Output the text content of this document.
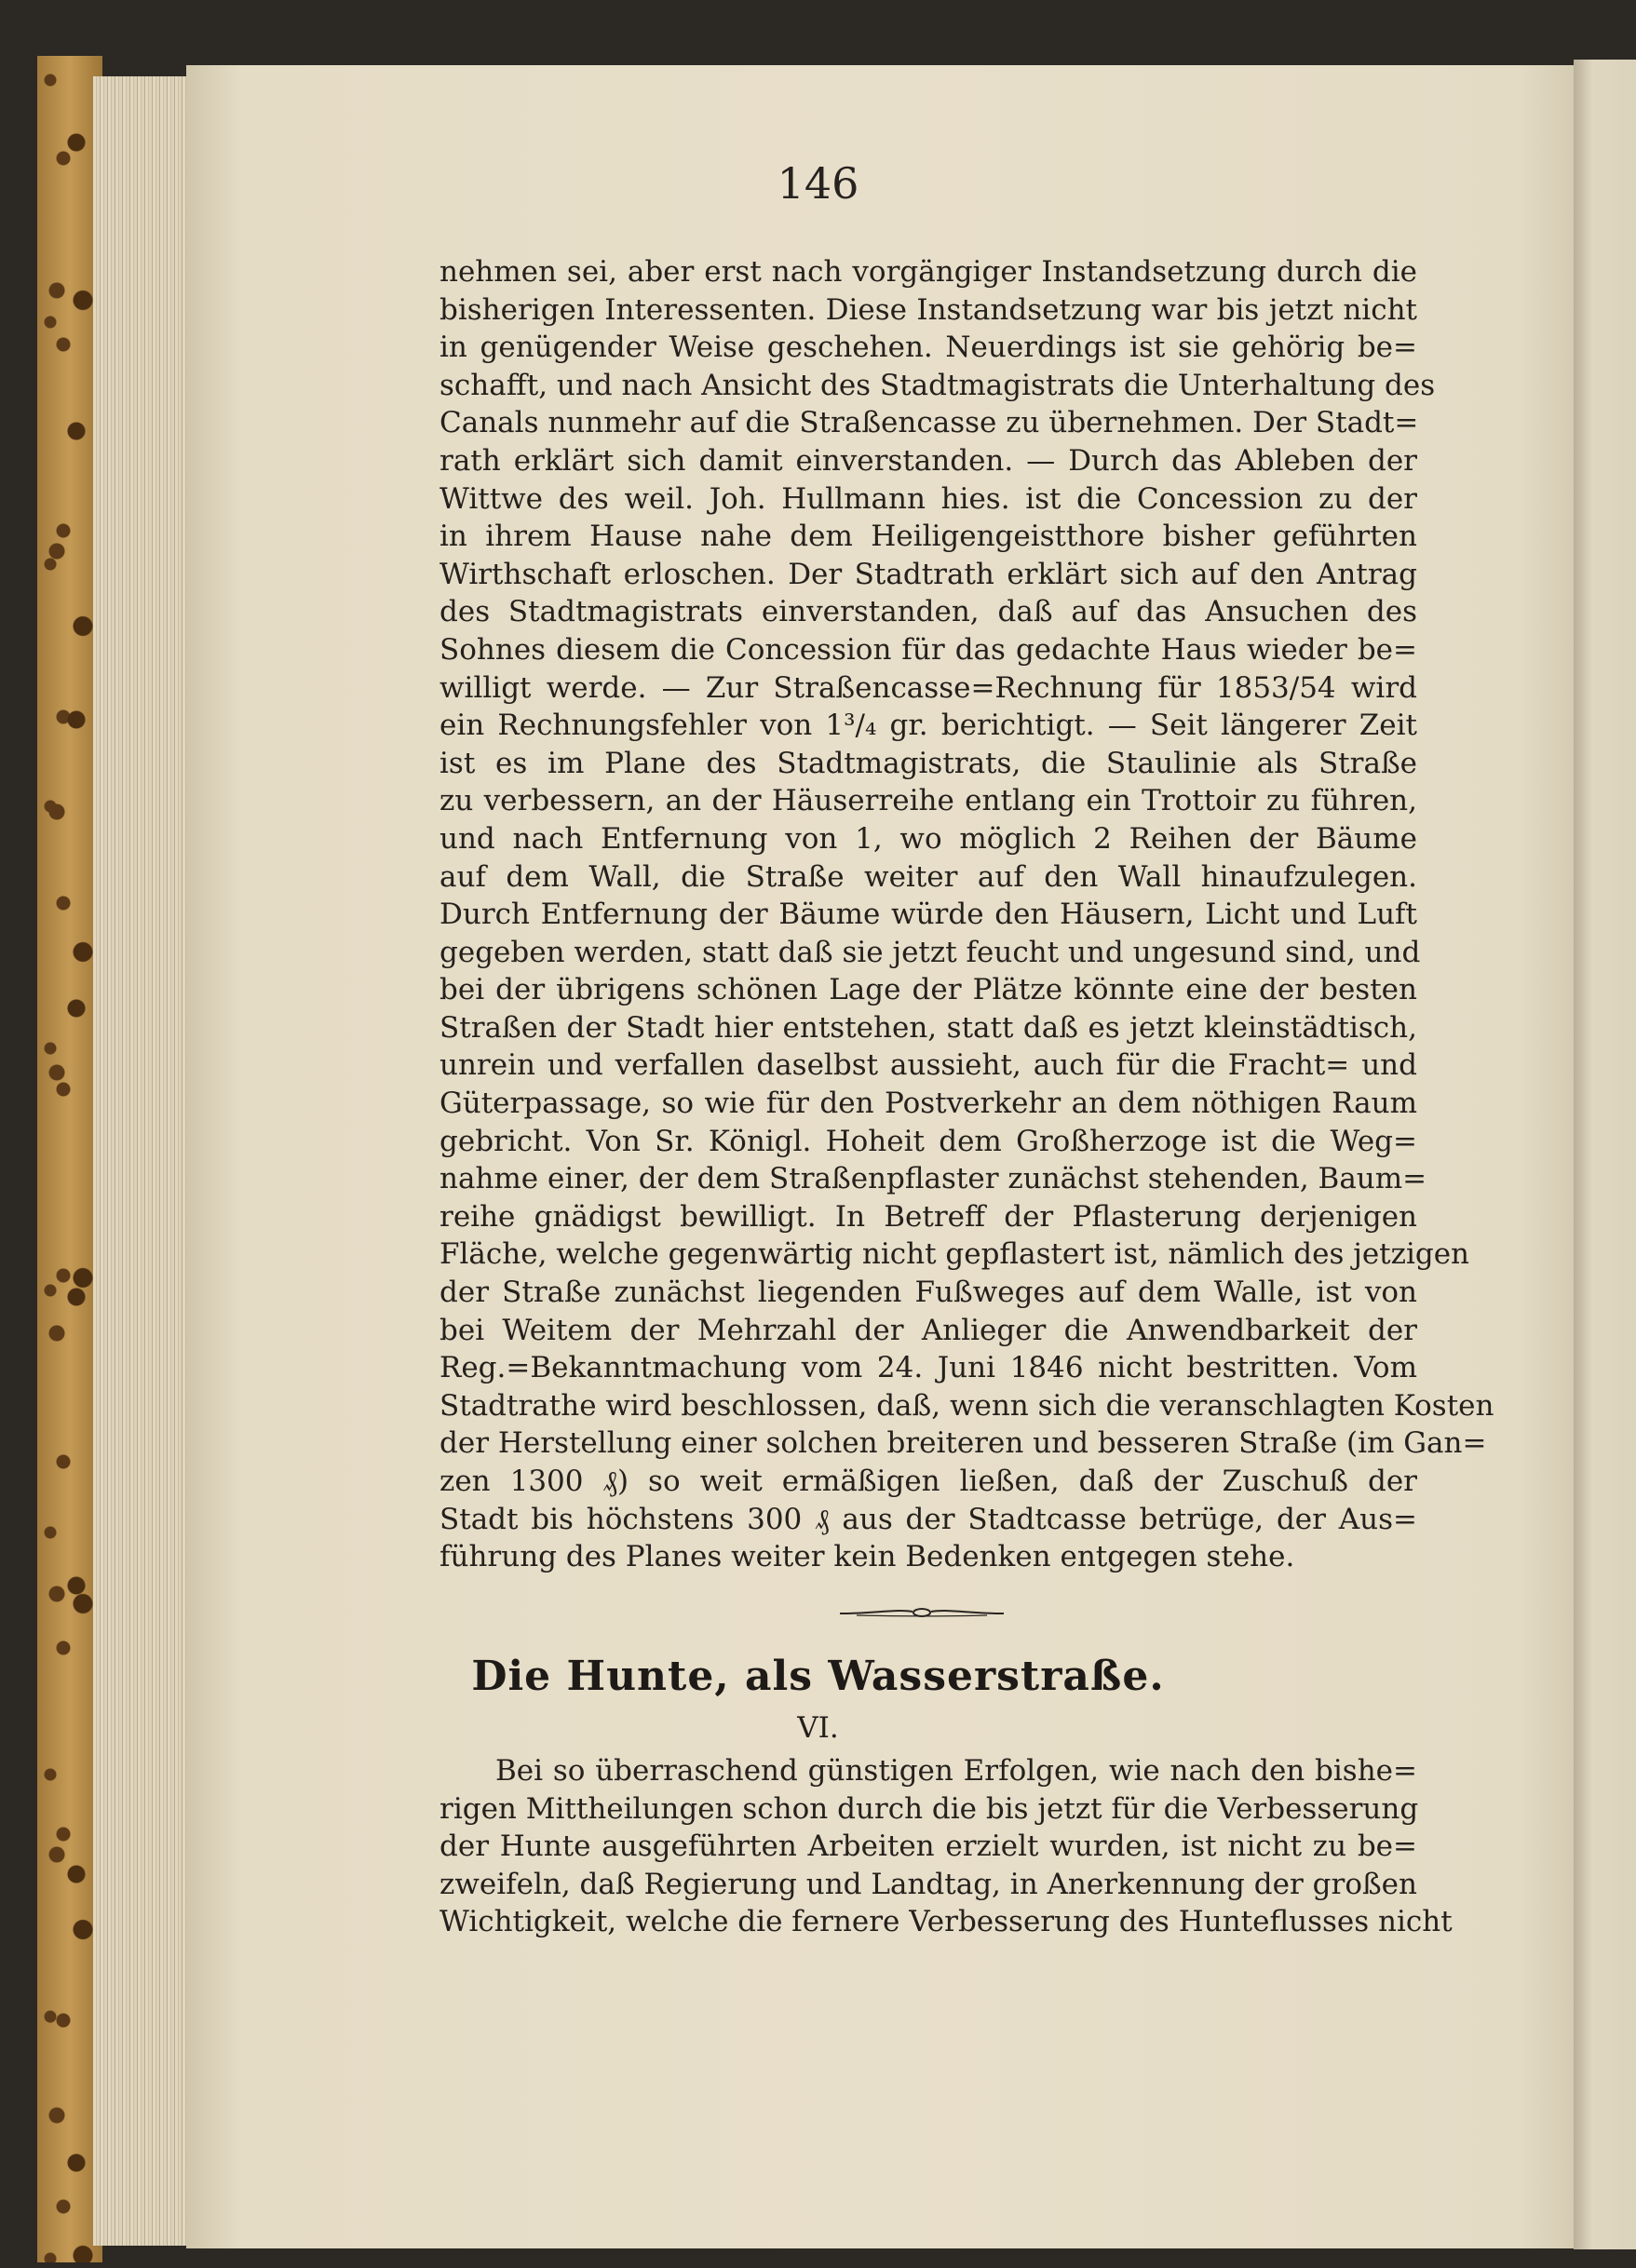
146
nehmen sei, aber erst nach vorgängiger Instandsetzung durch die
bisherigen Interessenten. Diese Instandsetzung war bis jetzt nicht
in genügender Weise geschehen. Neuerdings ist sie gehörig be=
schafft, und nach Ansicht des Stadtmagistrats die Unterhaltung des
Canals nunmehr auf die Straßencasse zu übernehmen. Der Stadt=
rath erklärt sich damit einverstanden. — Durch das Ableben der
Wittwe des weil. Joh. Hullmann hies. ist die Concession zu der
in ihrem Hause nahe dem Heiligengeistthore bisher geführten
Wirthschaft erloschen. Der Stadtrath erklärt sich auf den Antrag
des Stadtmagistrats einverstanden, daß auf das Ansuchen des
Sohnes diesem die Concession für das gedachte Haus wieder be=
willigt werde. — Zur Straßencasse=Rechnung für 1853/54 wird
ein Rechnungsfehler von 1³/₄ gr. berichtigt. — Seit längerer Zeit
ist es im Plane des Stadtmagistrats, die Staulinie als Straße
zu verbessern, an der Häuserreihe entlang ein Trottoir zu führen,
und nach Entfernung von 1, wo möglich 2 Reihen der Bäume
auf dem Wall, die Straße weiter auf den Wall hinaufzulegen.
Durch Entfernung der Bäume würde den Häusern, Licht und Luft
gegeben werden, statt daß sie jetzt feucht und ungesund sind, und
bei der übrigens schönen Lage der Plätze könnte eine der besten
Straßen der Stadt hier entstehen, statt daß es jetzt kleinstädtisch,
unrein und verfallen daselbst aussieht, auch für die Fracht= und
Güterpassage, so wie für den Postverkehr an dem nöthigen Raum
gebricht. Von Sr. Königl. Hoheit dem Großherzoge ist die Weg=
nahme einer, der dem Straßenpflaster zunächst stehenden, Baum=
reihe gnädigst bewilligt. In Betreff der Pflasterung derjenigen
Fläche, welche gegenwärtig nicht gepflastert ist, nämlich des jetzigen
der Straße zunächst liegenden Fußweges auf dem Walle, ist von
bei Weitem der Mehrzahl der Anlieger die Anwendbarkeit der
Reg.=Bekanntmachung vom 24. Juni 1846 nicht bestritten. Vom
Stadtrathe wird beschlossen, daß, wenn sich die veranschlagten Kosten
der Herstellung einer solchen breiteren und besseren Straße (im Gan=
zen 1300 ₰) so weit ermäßigen ließen, daß der Zuschuß der
Stadt bis höchstens 300 ₰ aus der Stadtcasse betrüge, der Aus=
führung des Planes weiter kein Bedenken entgegen stehe.
Die Hunte, als Wasserstraße.
VI.
Bei so überraschend günstigen Erfolgen, wie nach den bishe=
rigen Mittheilungen schon durch die bis jetzt für die Verbesserung
der Hunte ausgeführten Arbeiten erzielt wurden, ist nicht zu be=
zweifeln, daß Regierung und Landtag, in Anerkennung der großen
Wichtigkeit, welche die fernere Verbesserung des Hunteflusses nicht
